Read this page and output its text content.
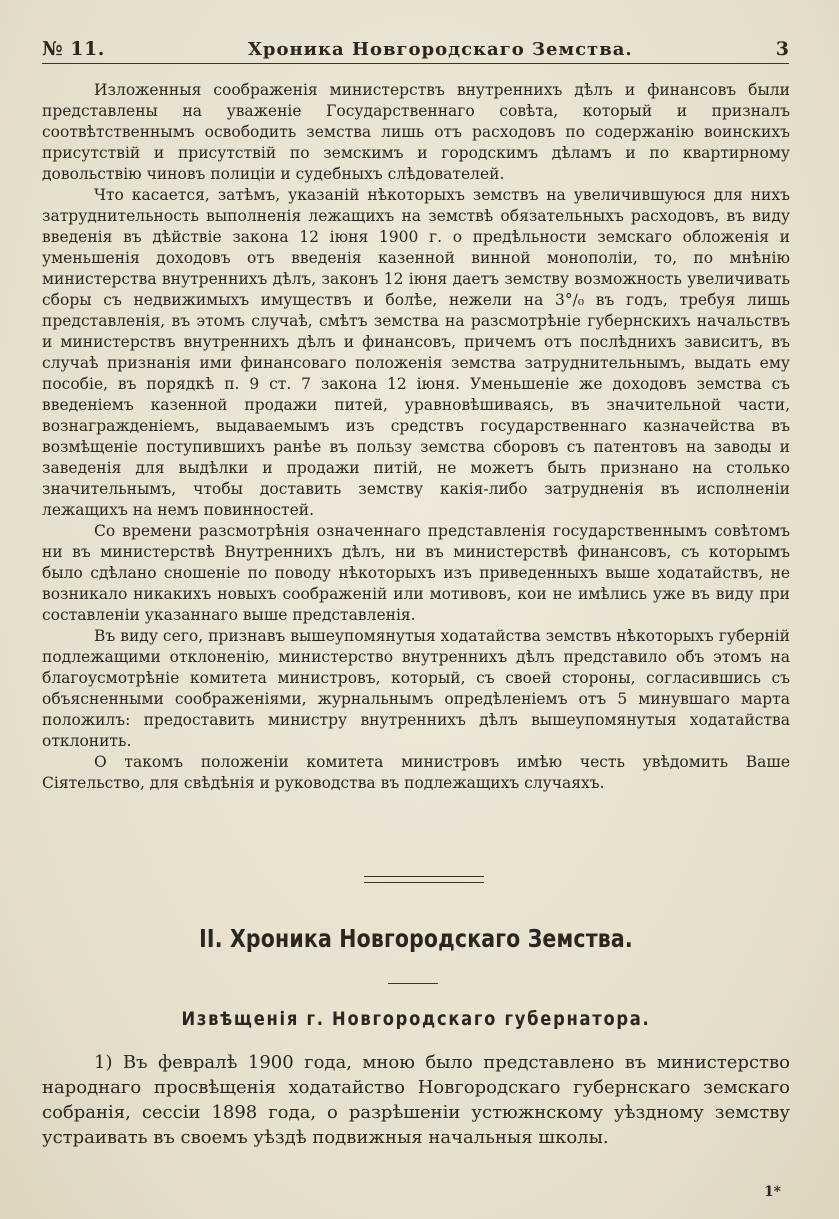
№ 11.	Хроника Новгородскаго Земства.	3

Изложенныя соображенія министерствъ внутреннихъ дѣлъ и финансовъ были представлены на уваженіе Государственнаго совѣта, который и призналъ соотвѣтственнымъ освободить земства лишь отъ расходовъ по содержанію воинскихъ присутствій и присутствій по земскимъ и городскимъ дѣламъ и по квартирному довольствію чиновъ полиціи и судебныхъ слѣдователей.

Что касается, затѣмъ, указаній нѣкоторыхъ земствъ на увеличившуюся для нихъ затруднительность выполненія лежащихъ на земствѣ обязательныхъ расходовъ, въ виду введенія въ дѣйствіе закона 12 іюня 1900 г. о предѣльности земскаго обложенія и уменьшенія доходовъ отъ введенія казенной винной монополіи, то, по мнѣнію министерства внутреннихъ дѣлъ, законъ 12 іюня даетъ земству возможность увеличивать сборы съ недвижимыхъ имуществъ и болѣе, нежели на 3°/₀ въ годъ, требуя лишь представленія, въ этомъ случаѣ, смѣтъ земства на разсмотрѣніе губернскихъ начальствъ и министерствъ внутреннихъ дѣлъ и финансовъ, причемъ отъ послѣднихъ зависитъ, въ случаѣ признанія ими финансоваго положенія земства затруднительнымъ, выдать ему пособіе, въ порядкѣ п. 9 ст. 7 закона 12 іюня. Уменьшеніе же доходовъ земства съ введеніемъ казенной продажи питей, уравновѣшиваясь, въ значительной части, вознагражденіемъ, выдаваемымъ изъ средствъ государственнаго казначейства въ возмѣщеніе поступившихъ ранѣе въ пользу земства сборовъ съ патентовъ на заводы и заведенія для выдѣлки и продажи питій, не можетъ быть признано на столько значительнымъ, чтобы доставить земству какія-либо затрудненія въ исполненіи лежащихъ на немъ повинностей.

Со времени разсмотрѣнія означеннаго представленія государственнымъ совѣтомъ ни въ министерствѣ Внутреннихъ дѣлъ, ни въ министерствѣ финансовъ, съ которымъ было сдѣлано сношеніе по поводу нѣкоторыхъ изъ приведенныхъ выше ходатайствъ, не возникало никакихъ новыхъ соображеній или мотивовъ, кои не имѣлись уже въ виду при составленіи указаннаго выше представленія.

Въ виду сего, признавъ вышеупомянутыя ходатайства земствъ нѣкоторыхъ губерній подлежащими отклоненію, министерство внутреннихъ дѣлъ представило объ этомъ на благоусмотрѣніе комитета министровъ, который, съ своей стороны, согласившись съ объясненными соображеніями, журнальнымъ опредѣленіемъ отъ 5 минувшаго марта положилъ: предоставить министру внутреннихъ дѣлъ вышеупомянутыя ходатайства отклонить.

О такомъ положеніи комитета министровъ имѣю честь увѣдомить Ваше Сіятельство, для свѣдѣнія и руководства въ подлежащихъ случаяхъ.

II. Хроника Новгородскаго Земства.
Извѣщенія г. Новгородскаго губернатора.

1) Въ февралѣ 1900 года, мною было представлено въ министерство народнаго просвѣщенія ходатайство Новгородскаго губернскаго земскаго собранія, сессіи 1898 года, о разрѣшеніи устюжнскому уѣздному земству устраивать въ своемъ уѣздѣ подвижныя начальныя школы.

1*
